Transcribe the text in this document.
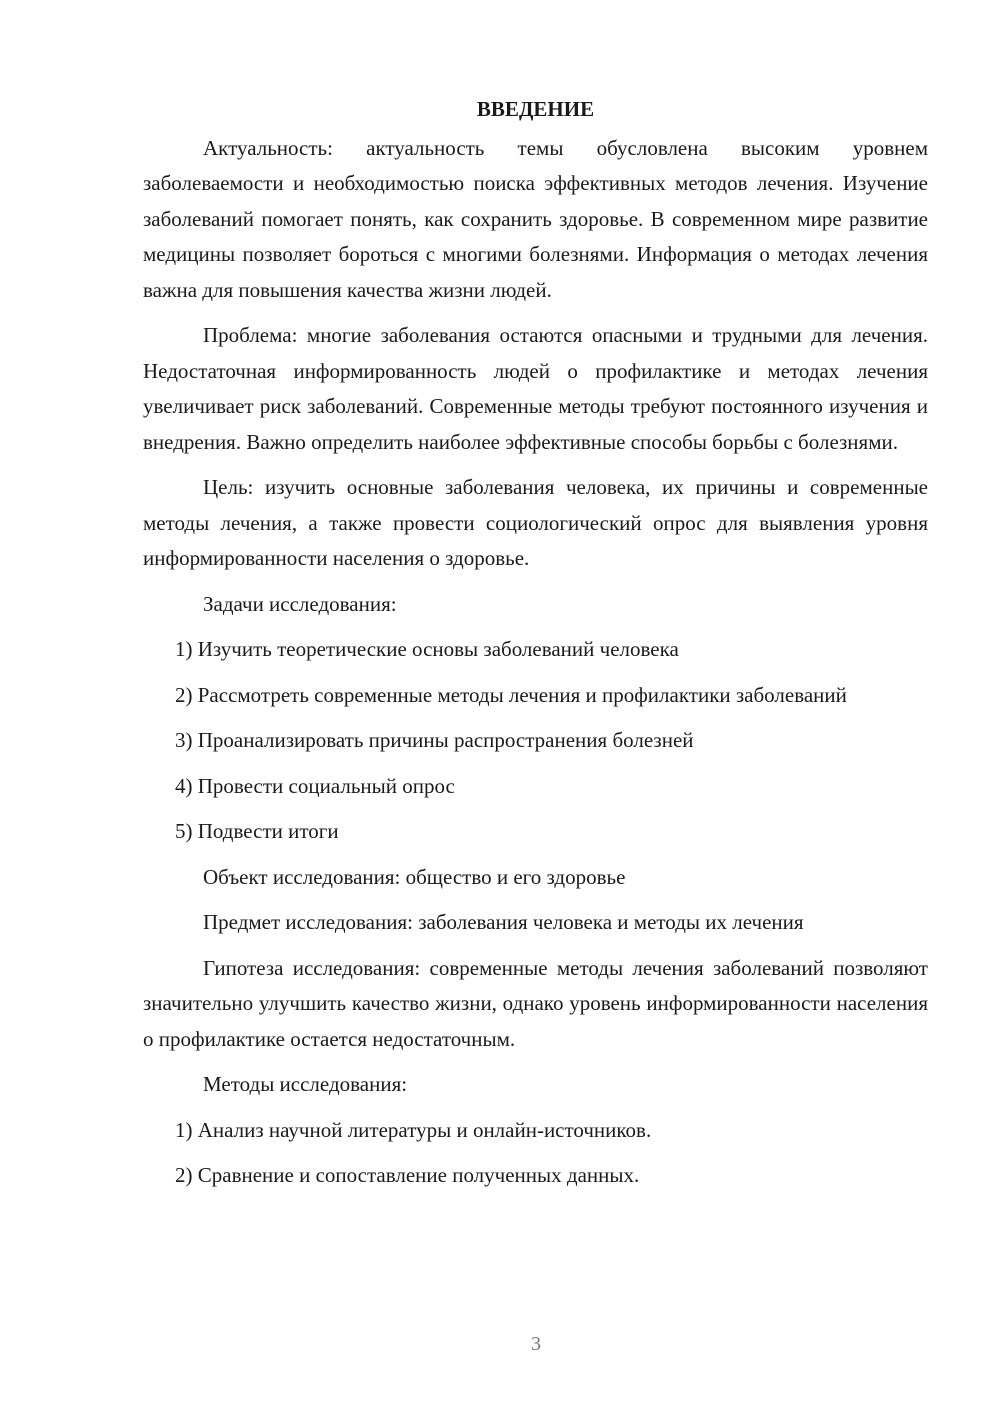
ВВЕДЕНИЕ

Актуальность: актуальность темы обусловлена высоким уровнем заболеваемости и необходимостью поиска эффективных методов лечения. Изучение заболеваний помогает понять, как сохранить здоровье. В современном мире развитие медицины позволяет бороться с многими болезнями. Информация о методах лечения важна для повышения качества жизни людей.

Проблема: многие заболевания остаются опасными и трудными для лечения. Недостаточная информированность людей о профилактике и методах лечения увеличивает риск заболеваний. Современные методы требуют постоянного изучения и внедрения. Важно определить наиболее эффективные способы борьбы с болезнями.

Цель: изучить основные заболевания человека, их причины и современные методы лечения, а также провести социологический опрос для выявления уровня информированности населения о здоровье.

Задачи исследования:

1) Изучить теоретические основы заболеваний человека

2) Рассмотреть современные методы лечения и профилактики заболеваний

3) Проанализировать причины распространения болезней

4) Провести социальный опрос

5) Подвести итоги

Объект исследования: общество и его здоровье

Предмет исследования: заболевания человека и методы их лечения

Гипотеза исследования: современные методы лечения заболеваний позволяют значительно улучшить качество жизни, однако уровень информированности населения о профилактике остается недостаточным.

Методы исследования:

1) Анализ научной литературы и онлайн-источников.

2) Сравнение и сопоставление полученных данных.

3
